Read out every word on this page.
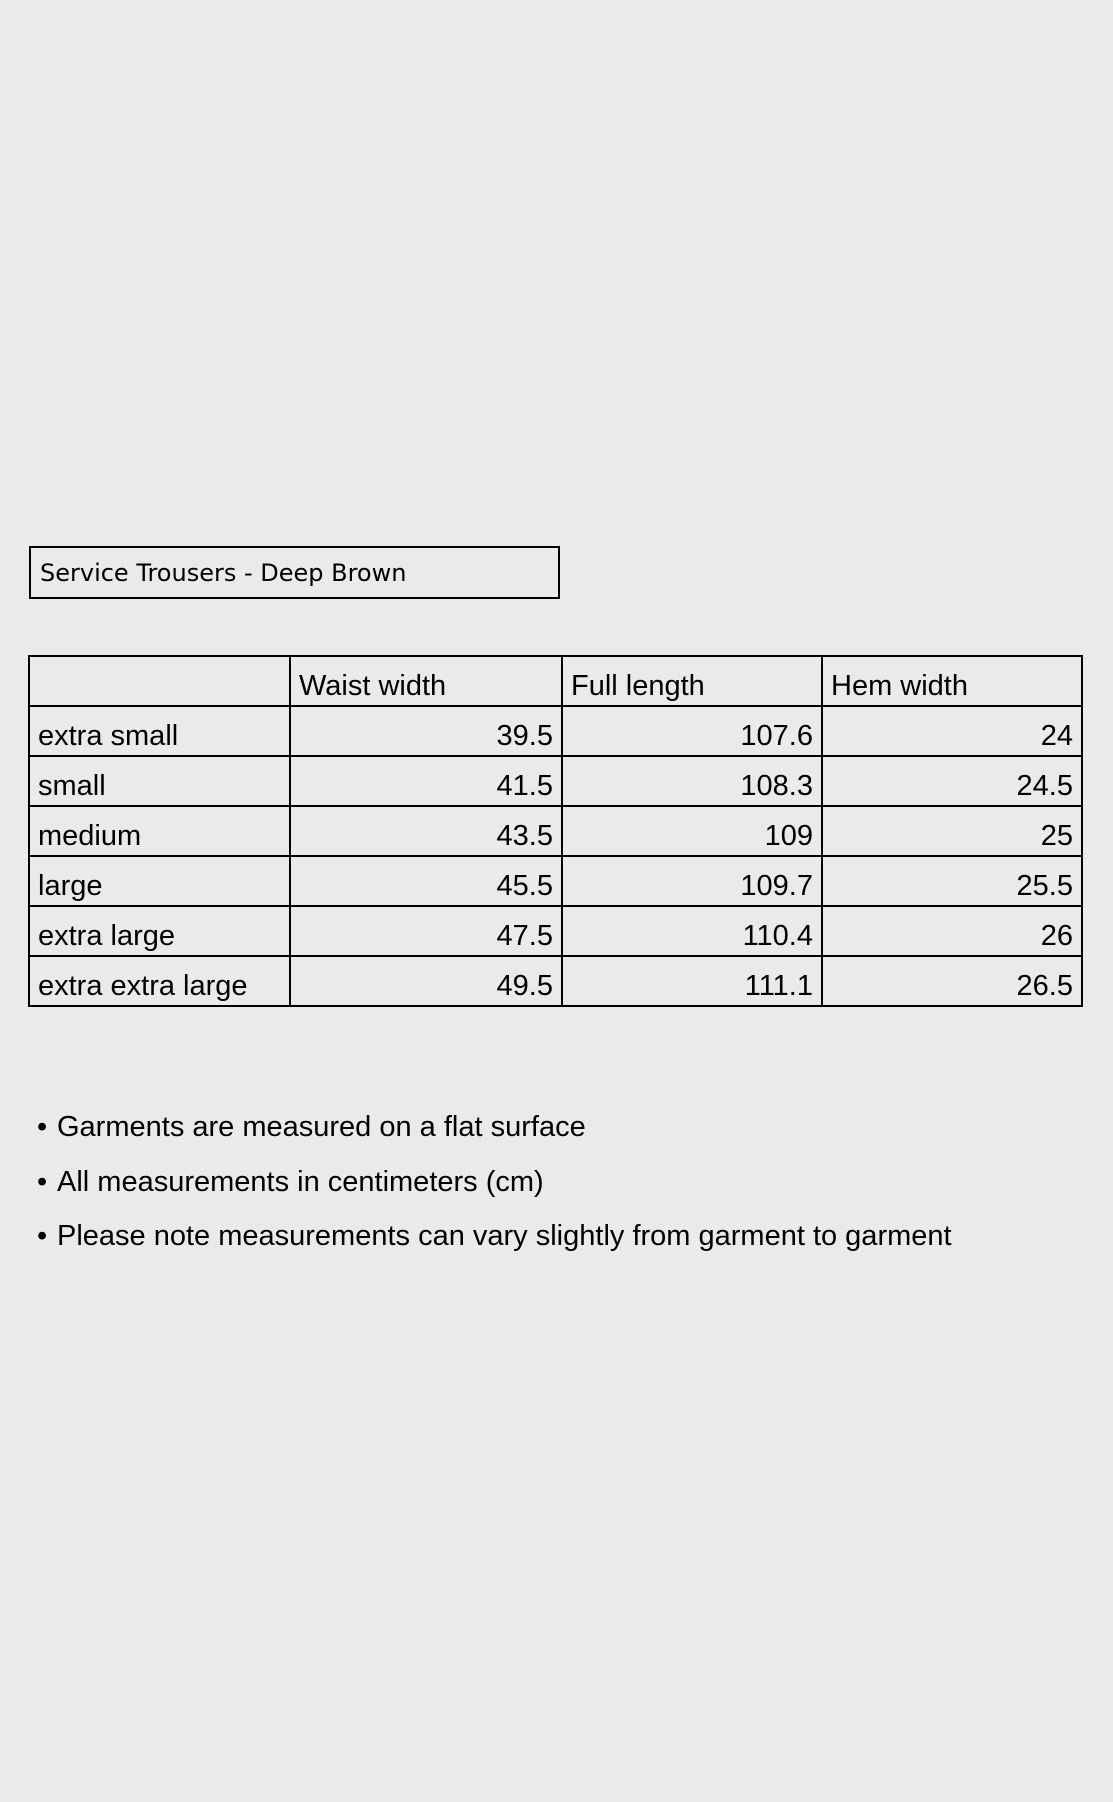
Service Trousers - Deep Brown
	Waist width	Full length	Hem width
extra small	39.5	107.6	24
small	41.5	108.3	24.5
medium	43.5	109	25
large	45.5	109.7	25.5
extra large	47.5	110.4	26
extra extra large	49.5	111.1	26.5
• Garments are measured on a flat surface
• All measurements in centimeters (cm)
• Please note measurements can vary slightly from garment to garment
